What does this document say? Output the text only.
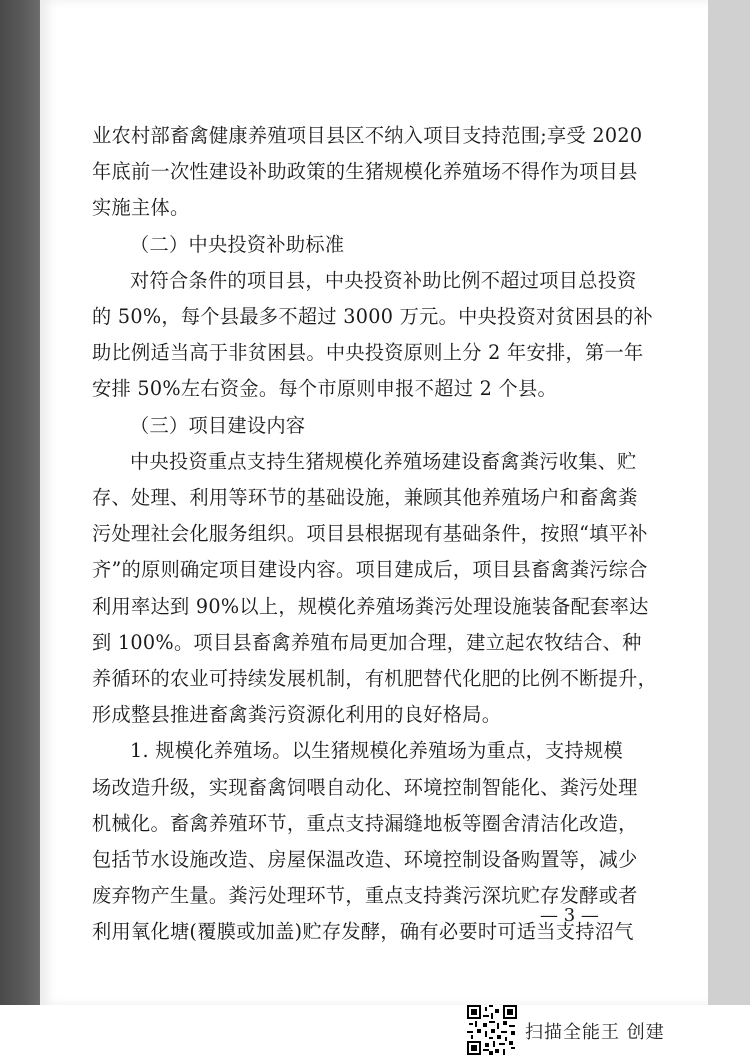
业农村部畜禽健康养殖项目县区不纳入项目支持范围;享受 2020
年底前一次性建设补助政策的生猪规模化养殖场不得作为项目县
实施主体。
（二）中央投资补助标准
对符合条件的项目县，中央投资补助比例不超过项目总投资
的 50%，每个县最多不超过 3000 万元。中央投资对贫困县的补
助比例适当高于非贫困县。中央投资原则上分 2 年安排，第一年
安排 50%左右资金。每个市原则申报不超过 2 个县。
（三）项目建设内容
中央投资重点支持生猪规模化养殖场建设畜禽粪污收集、贮
存、处理、利用等环节的基础设施，兼顾其他养殖场户和畜禽粪
污处理社会化服务组织。项目县根据现有基础条件，按照“填平补
齐”的原则确定项目建设内容。项目建成后，项目县畜禽粪污综合
利用率达到 90%以上，规模化养殖场粪污处理设施装备配套率达
到 100%。项目县畜禽养殖布局更加合理，建立起农牧结合、种
养循环的农业可持续发展机制，有机肥替代化肥的比例不断提升，
形成整县推进畜禽粪污资源化利用的良好格局。
1. 规模化养殖场。以生猪规模化养殖场为重点，支持规模
场改造升级，实现畜禽饲喂自动化、环境控制智能化、粪污处理
机械化。畜禽养殖环节，重点支持漏缝地板等圈舍清洁化改造，
包括节水设施改造、房屋保温改造、环境控制设备购置等，减少
废弃物产生量。粪污处理环节，重点支持粪污深坑贮存发酵或者
利用氧化塘(覆膜或加盖)贮存发酵，确有必要时可适当支持沼气
— 3 —
扫描全能王 创建
